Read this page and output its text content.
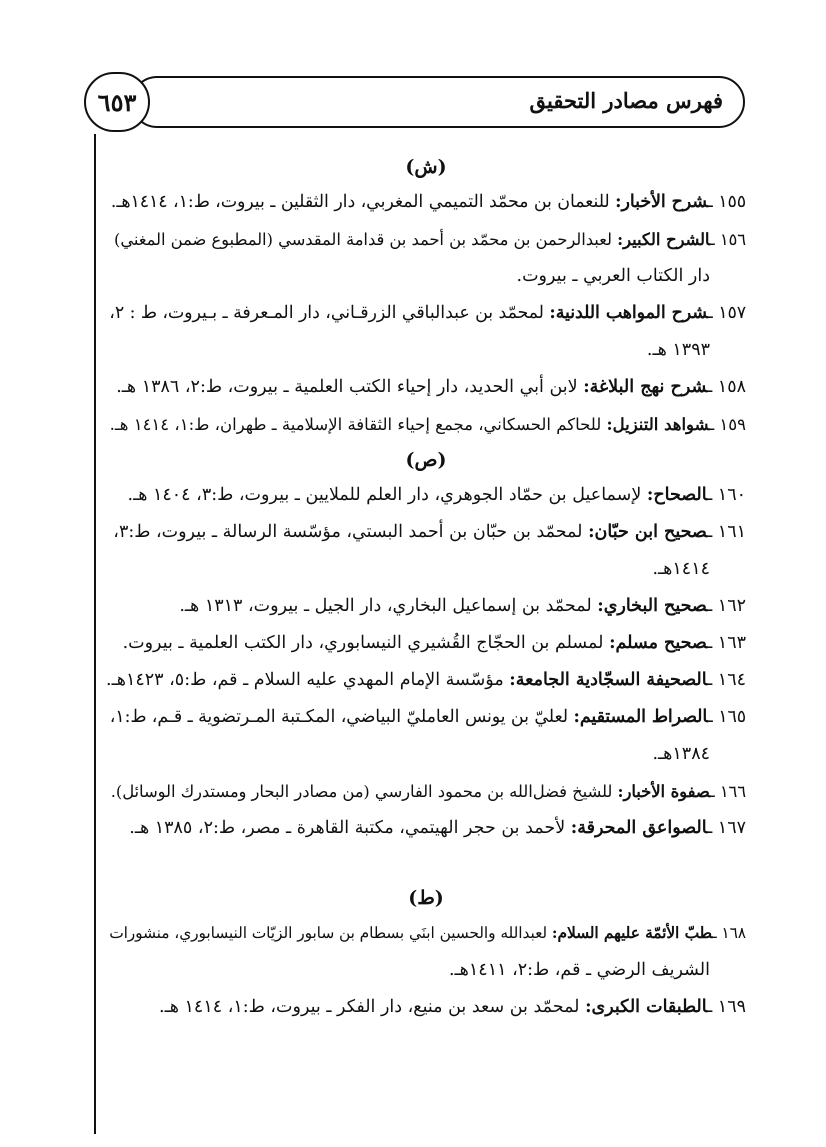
فهرس مصادر التحقيق
٦٥٣
(ش)
١٥٥ ـشرح الأخبار: للنعمان بن محمّد التميمي المغربي، دار الثقلين ـ بيروت، ط:١، ١٤١٤هـ.
١٥٦ ـالشرح الكبير: لعبدالرحمن بن محمّد بن أحمد بن قدامة المقدسي (المطبوع ضمن المغني)
دار الكتاب العربي ـ بيروت.
١٥٧ ـشرح المواهب اللدنية: لمحمّد بن عبدالباقي الزرقـاني، دار المـعرفة ـ بـيروت، ط : ٢،
١٣٩٣ هـ.
١٥٨ ـشرح نهج البلاغة: لابن أبي الحديد، دار إحياء الكتب العلمية ـ بيروت، ط:٢، ١٣٨٦ هـ.
١٥٩ ـشواهد التنزيل: للحاكم الحسكاني، مجمع إحياء الثقافة الإسلامية ـ طهران، ط:١، ١٤١٤ هـ.
(ص)
١٦٠ ـالصحاح: لإسماعيل بن حمّاد الجوهري، دار العلم للملايين ـ بيروت، ط:٣، ١٤٠٤ هـ.
١٦١ ـصحيح ابن حبّان: لمحمّد بن حبّان بن أحمد البستي، مؤسّسة الرسالة ـ بيروت، ط:٣،
١٤١٤هـ.
١٦٢ ـصحيح البخاري: لمحمّد بن إسماعيل البخاري، دار الجيل ـ بيروت، ١٣١٣ هـ.
١٦٣ ـصحيح مسلم: لمسلم بن الحجّاج القُشيري النيسابوري، دار الكتب العلمية ـ بيروت.
١٦٤ ـالصحيفة السجّادية الجامعة: مؤسّسة الإمام المهدي عليه السلام ـ قم، ط:٥، ١٤٢٣هـ.
١٦٥ ـالصراط المستقيم: لعليّ بن يونس العامليّ البياضي، المكـتبة المـرتضوية ـ قـم، ط:١،
١٣٨٤هـ.
١٦٦ ـصفوة الأخبار: للشيخ فضل‌الله بن محمود الفارسي (من مصادر البحار ومستدرك الوسائل).
١٦٧ ـالصواعق المحرقة: لأحمد بن حجر الهيتمي، مكتبة القاهرة ـ مصر، ط:٢، ١٣٨٥ هـ.
(ط)
١٦٨ ـطبّ الأئمّة عليهم السلام: لعبدالله والحسين ابنَي بسطام بن سابور الزيّات النيسابوري، منشورات
الشريف الرضي ـ قم، ط:٢، ١٤١١هـ.
١٦٩ ـالطبقات الكبرى: لمحمّد بن سعد بن منيع، دار الفكر ـ بيروت، ط:١، ١٤١٤ هـ.
